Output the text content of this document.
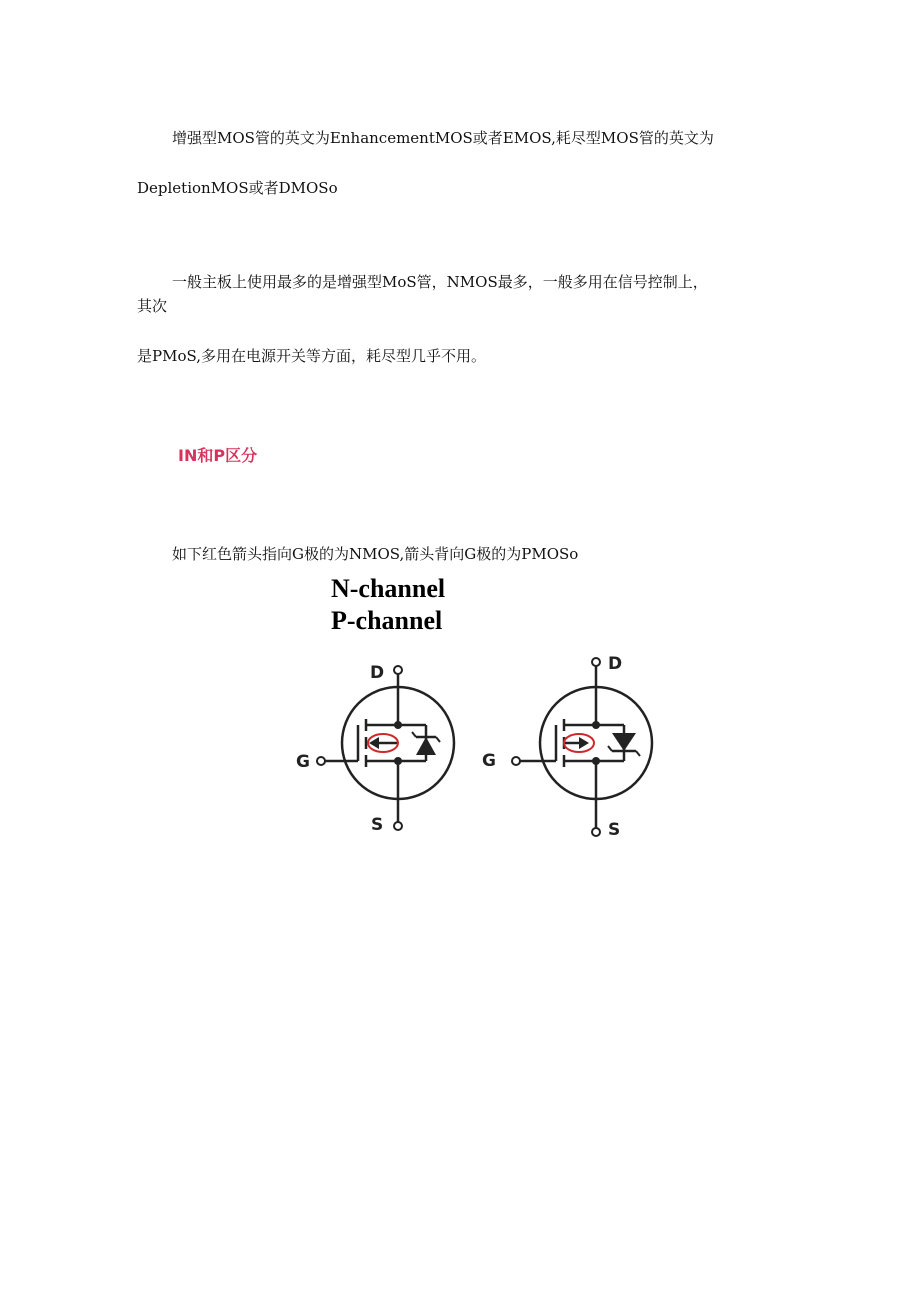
增强型MOS管的英文为EnhancementMOS或者EMOS,耗尽型MOS管的英文为

DepletionMOS或者DMOSo

一般主板上使用最多的是增强型MoS管，NMOS最多，一般多用在信号控制上，

其次

是PMoS,多用在电源开关等方面，耗尽型几乎不用。

IN和P区分

如下红色箭头指向G极的为NMOS,箭头背向G极的为PMOSo

N-channel
P-channel
D
G
S
D
G
S
